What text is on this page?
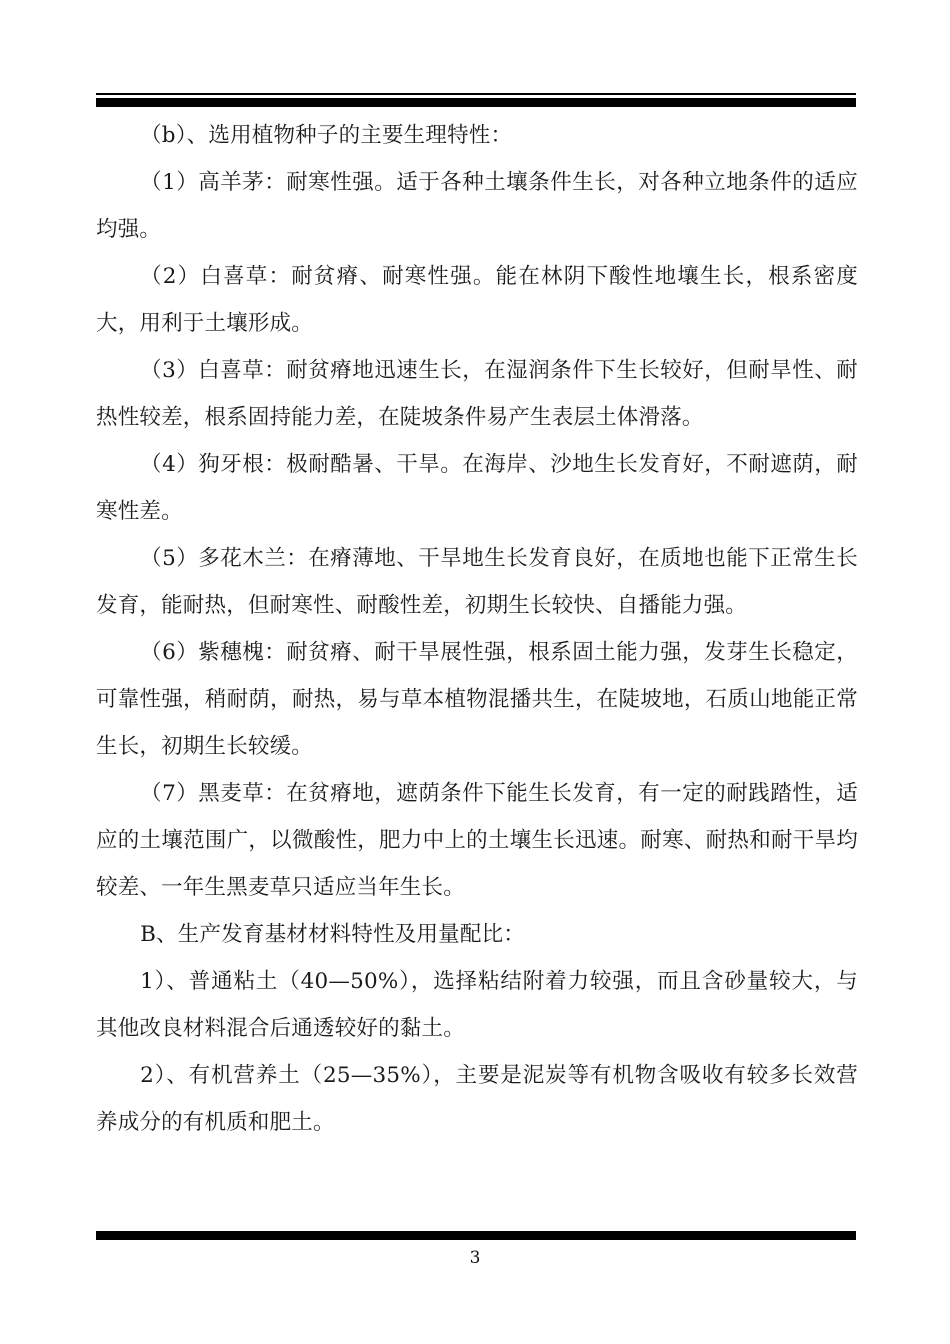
（b）、选用植物种子的主要生理特性：

（1）高羊茅：耐寒性强。适于各种土壤条件生长，对各种立地条件的适应均强。

（2）白喜草：耐贫瘠、耐寒性强。能在林阴下酸性地壤生长，根系密度大，用利于土壤形成。

（3）白喜草：耐贫瘠地迅速生长，在湿润条件下生长较好，但耐旱性、耐热性较差，根系固持能力差，在陡坡条件易产生表层土体滑落。

（4）狗牙根：极耐酷暑、干旱。在海岸、沙地生长发育好，不耐遮荫，耐寒性差。

（5）多花木兰：在瘠薄地、干旱地生长发育良好，在质地也能下正常生长发育，能耐热，但耐寒性、耐酸性差，初期生长较快、自播能力强。

（6）紫穗槐：耐贫瘠、耐干旱展性强，根系固土能力强，发芽生长稳定，可靠性强，稍耐荫，耐热，易与草本植物混播共生，在陡坡地，石质山地能正常生长，初期生长较缓。

（7）黑麦草：在贫瘠地，遮荫条件下能生长发育，有一定的耐践踏性，适应的土壤范围广，以微酸性，肥力中上的土壤生长迅速。耐寒、耐热和耐干旱均较差、一年生黑麦草只适应当年生长。

B、生产发育基材材料特性及用量配比：

1）、普通粘土（40—50%），选择粘结附着力较强，而且含砂量较大，与其他改良材料混合后通透较好的黏土。

2）、有机营养土（25—35%），主要是泥炭等有机物含吸收有较多长效营养成分的有机质和肥土。

3
